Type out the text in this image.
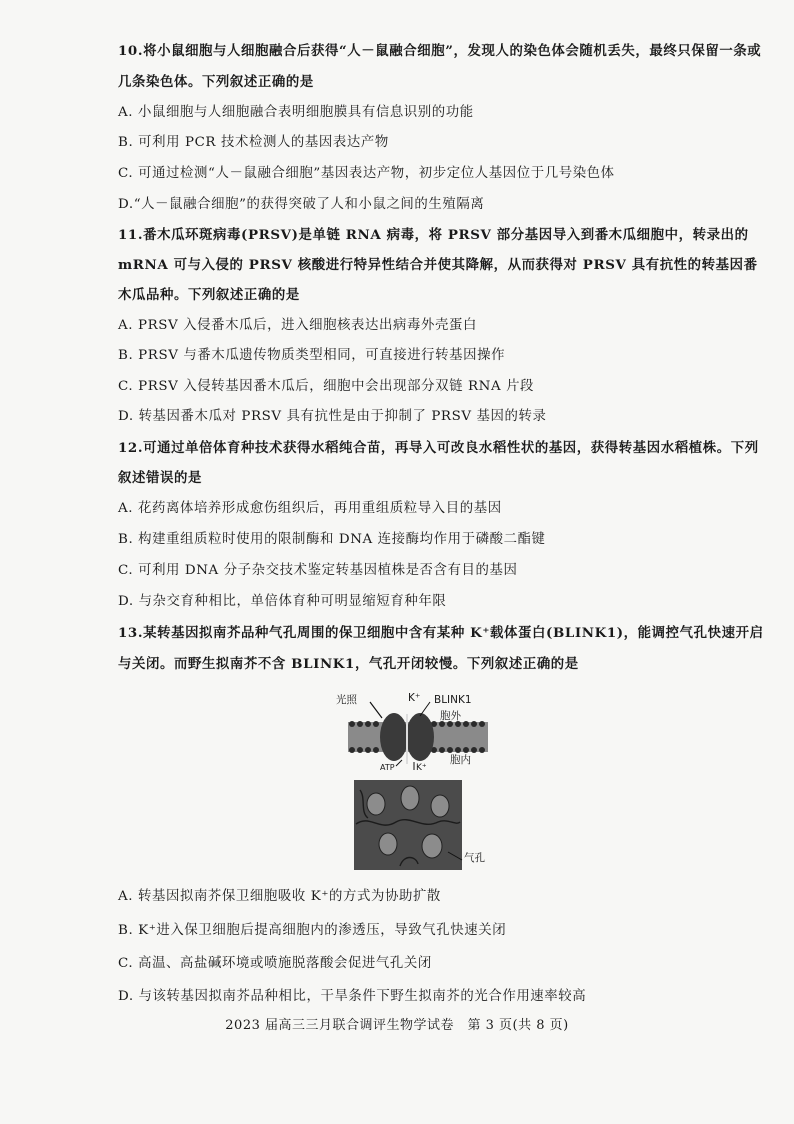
10.将小鼠细胞与人细胞融合后获得“人－鼠融合细胞”，发现人的染色体会随机丢失，最终只保留一条或
几条染色体。下列叙述正确的是
A. 小鼠细胞与人细胞融合表明细胞膜具有信息识别的功能
B. 可利用 PCR 技术检测人的基因表达产物
C. 可通过检测“人－鼠融合细胞”基因表达产物，初步定位人基因位于几号染色体
D.“人－鼠融合细胞”的获得突破了人和小鼠之间的生殖隔离
11.番木瓜环斑病毒(PRSV)是单链 RNA 病毒，将 PRSV 部分基因导入到番木瓜细胞中，转录出的
mRNA 可与入侵的 PRSV 核酸进行特异性结合并使其降解，从而获得对 PRSV 具有抗性的转基因番
木瓜品种。下列叙述正确的是
A. PRSV 入侵番木瓜后，进入细胞核表达出病毒外壳蛋白
B. PRSV 与番木瓜遗传物质类型相同，可直接进行转基因操作
C. PRSV 入侵转基因番木瓜后，细胞中会出现部分双链 RNA 片段
D. 转基因番木瓜对 PRSV 具有抗性是由于抑制了 PRSV 基因的转录
12.可通过单倍体育种技术获得水稻纯合苗，再导入可改良水稻性状的基因，获得转基因水稻植株。下列
叙述错误的是
A. 花药离体培养形成愈伤组织后，再用重组质粒导入目的基因
B. 构建重组质粒时使用的限制酶和 DNA 连接酶均作用于磷酸二酯键
C. 可利用 DNA 分子杂交技术鉴定转基因植株是否含有目的基因
D. 与杂交育种相比，单倍体育种可明显缩短育种年限
13.某转基因拟南芥品种气孔周围的保卫细胞中含有某种 K⁺载体蛋白(BLINK1)，能调控气孔快速开启
与关闭。而野生拟南芥不含 BLINK1，气孔开闭较慢。下列叙述正确的是
光照	K⁺ BLINK1
胞外
胞内
ATP K⁺
气孔
A. 转基因拟南芥保卫细胞吸收 K⁺的方式为协助扩散
B. K⁺进入保卫细胞后提高细胞内的渗透压，导致气孔快速关闭
C. 高温、高盐碱环境或喷施脱落酸会促进气孔关闭
D. 与该转基因拟南芥品种相比，干旱条件下野生拟南芥的光合作用速率较高
2023 届高三三月联合调评生物学试卷　第 3 页(共 8 页)
